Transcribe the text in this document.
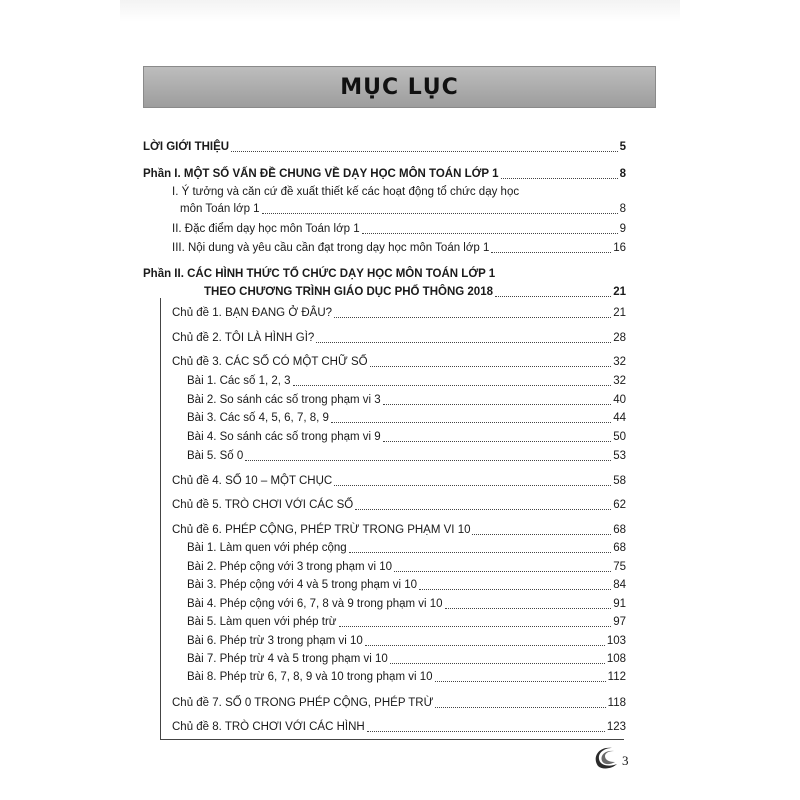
MỤC LỤC
LỜI GIỚI THIỆU	5
Phần I. MỘT SỐ VẤN ĐỀ CHUNG VỀ DẠY HỌC MÔN TOÁN LỚP 1	8
I. Ý tưởng và căn cứ đề xuất thiết kế các hoạt động tổ chức dạy học
môn Toán lớp 1	8
II. Đặc điểm dạy học môn Toán lớp 1	9
III. Nội dung và yêu cầu cần đạt trong dạy học môn Toán lớp 1	16
Phần II. CÁC HÌNH THỨC TỔ CHỨC DẠY HỌC MÔN TOÁN LỚP 1
THEO CHƯƠNG TRÌNH GIÁO DỤC PHỔ THÔNG 2018	21
Chủ đề 1. BẠN ĐANG Ở ĐÂU?	21
Chủ đề 2. TÔI LÀ HÌNH GÌ?	28
Chủ đề 3. CÁC SỐ CÓ MỘT CHỮ SỐ	32
Bài 1. Các số 1, 2, 3	32
Bài 2. So sánh các số trong phạm vi 3	40
Bài 3. Các số 4, 5, 6, 7, 8, 9	44
Bài 4. So sánh các số trong phạm vi 9	50
Bài 5. Số 0	53
Chủ đề 4. SỐ 10 – MỘT CHỤC	58
Chủ đề 5. TRÒ CHƠI VỚI CÁC SỐ	62
Chủ đề 6. PHÉP CỘNG, PHÉP TRỪ TRONG PHẠM VI 10	68
Bài 1. Làm quen với phép cộng	68
Bài 2. Phép cộng với 3 trong phạm vi 10	75
Bài 3. Phép cộng với 4 và 5 trong phạm vi 10	84
Bài 4. Phép cộng với 6, 7, 8 và 9 trong phạm vi 10	91
Bài 5. Làm quen với phép trừ	97
Bài 6. Phép trừ 3 trong phạm vi 10	103
Bài 7. Phép trừ 4 và 5 trong phạm vi 10	108
Bài 8. Phép trừ 6, 7, 8, 9 và 10 trong phạm vi 10	112
Chủ đề 7. SỐ 0 TRONG PHÉP CỘNG, PHÉP TRỪ	118
Chủ đề 8. TRÒ CHƠI VỚI CÁC HÌNH	123
3
